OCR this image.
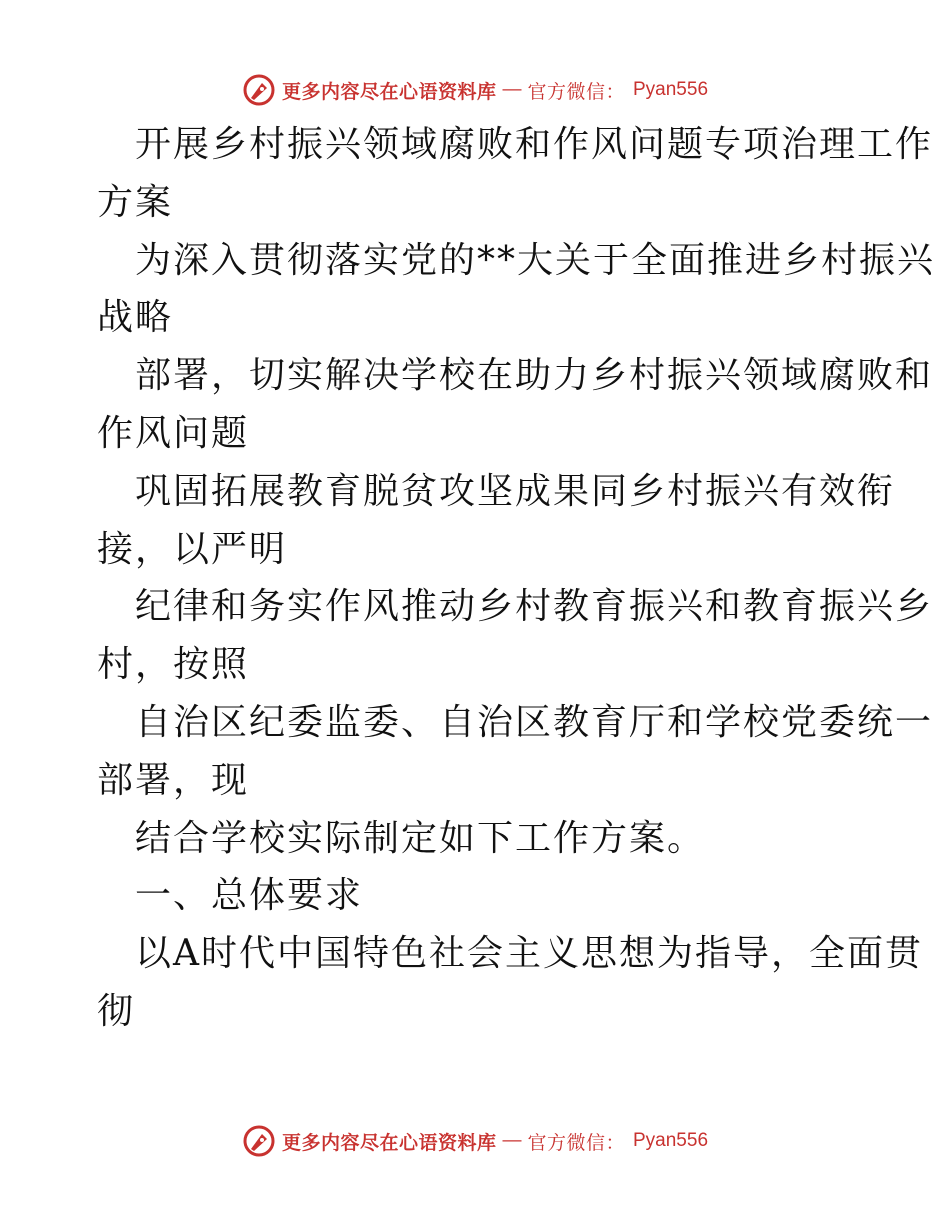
更多内容尽在心语资料库 — 官方微信： Pyan556
开展乡村振兴领域腐败和作风问题专项治理工作
方案
为深入贯彻落实党的**大关于全面推进乡村振兴
战略
部署，切实解决学校在助力乡村振兴领域腐败和
作风问题
巩固拓展教育脱贫攻坚成果同乡村振兴有效衔
接，以严明
纪律和务实作风推动乡村教育振兴和教育振兴乡
村，按照
自治区纪委监委、自治区教育厅和学校党委统一
部署，现
结合学校实际制定如下工作方案。
一、总体要求
以A时代中国特色社会主义思想为指导，全面贯
彻
更多内容尽在心语资料库 — 官方微信： Pyan556
